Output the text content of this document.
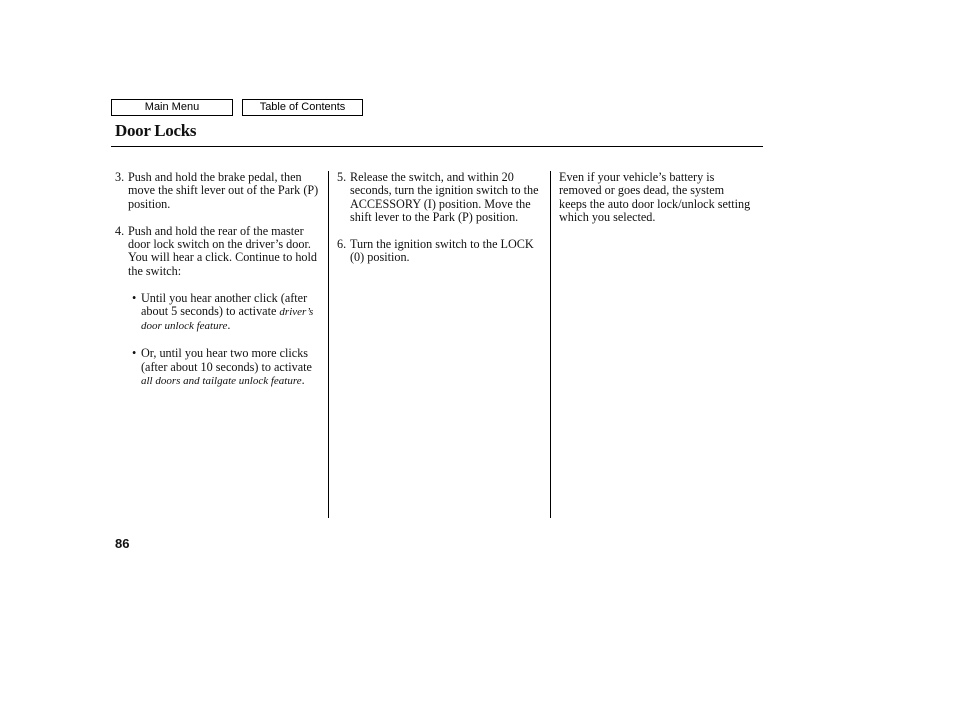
Main Menu	Table of Contents
Door Locks
3. Push and hold the brake pedal, then move the shift lever out of the Park (P) position.
4. Push and hold the rear of the master door lock switch on the driver’s door. You will hear a click. Continue to hold the switch:
• Until you hear another click (after about 5 seconds) to activate driver’s door unlock feature.
• Or, until you hear two more clicks (after about 10 seconds) to activate all doors and tailgate unlock feature.
5. Release the switch, and within 20 seconds, turn the ignition switch to the ACCESSORY (I) position. Move the shift lever to the Park (P) position.
6. Turn the ignition switch to the LOCK (0) position.
Even if your vehicle’s battery is removed or goes dead, the system keeps the auto door lock/unlock setting which you selected.
86
